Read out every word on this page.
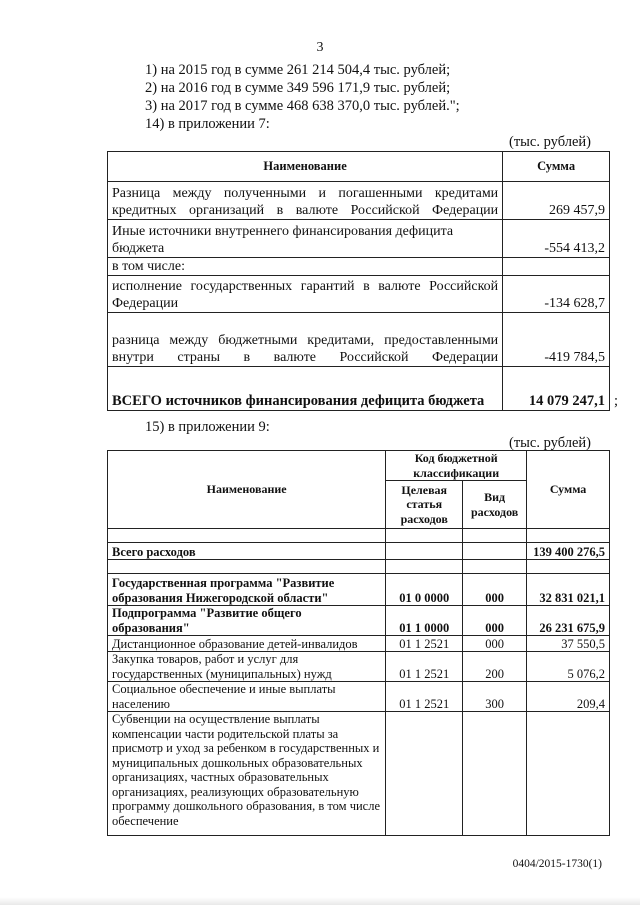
3
1) на 2015 год в сумме 261 214 504,4 тыс. рублей;
2) на 2016 год в сумме 349 596 171,9 тыс. рублей;
3) на 2017 год в сумме 468 638 370,0 тыс. рублей.";
14) в приложении 7:
(тыс. рублей)
Наименование	Сумма
Разница между полученными и погашенными кредитами кредитных организаций в валюте Российской Федерации	269 457,9
Иные источники внутреннего финансирования дефицита бюджета	-554 413,2
в том числе:	
исполнение государственных гарантий в валюте Российской Федерации	-134 628,7
разница между бюджетными кредитами, предоставленными внутри страны в валюте Российской Федерации	-419 784,5
ВСЕГО источников финансирования дефицита бюджета	14 079 247,1 ;
15) в приложении 9:
(тыс. рублей)
Наименование	Код бюджетной классификации		Сумма
	Целевая статья расходов	Вид расходов	

Всего расходов			139 400 276,5

Государственная программа "Развитие образования Нижегородской области"	01 0 0000	000	32 831 021,1
Подпрограмма "Развитие общего образования"	01 1 0000	000	26 231 675,9
Дистанционное образование детей-инвалидов	01 1 2521	000	37 550,5
Закупка товаров, работ и услуг для государственных (муниципальных) нужд	01 1 2521	200	5 076,2
Социальное обеспечение и иные выплаты населению	01 1 2521	300	209,4
Субвенции на осуществление выплаты компенсации части родительской платы за присмотр и уход за ребенком в государственных и муниципальных дошкольных образовательных организациях, частных образовательных организациях, реализующих образовательную программу дошкольного образования, в том числе обеспечение			
0404/2015-1730(1)
